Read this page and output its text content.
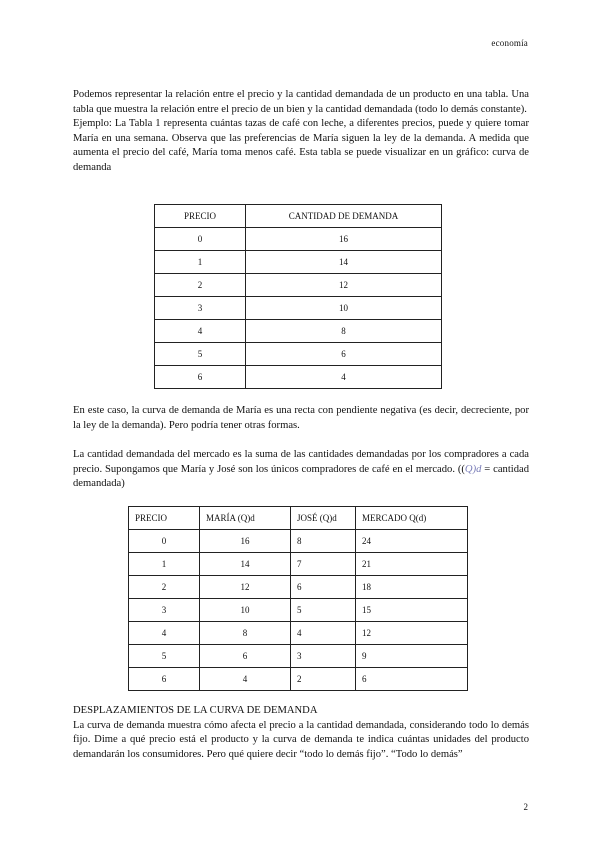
economía

Podemos representar la relación entre el precio y la cantidad demandada de un producto en una tabla. Una tabla que muestra la relación entre el precio de un bien y la cantidad demandada (todo lo demás constante).

Ejemplo: La Tabla 1 representa cuántas tazas de café con leche, a diferentes precios, puede y quiere tomar María en una semana. Observa que las preferencias de María siguen la ley de la demanda. A medida que aumenta el precio del café, María toma menos café. Esta tabla se puede visualizar en un gráfico: curva de demanda

PRECIO	CANTIDAD DE DEMANDA
0	16
1	14
2	12
3	10
4	8
5	6
6	4

En este caso, la curva de demanda de María es una recta con pendiente negativa (es decir, decreciente, por la ley de la demanda). Pero podría tener otras formas.

La cantidad demandada del mercado es la suma de las cantidades demandadas por los compradores a cada precio. Supongamos que María y José son los únicos compradores de café en el mercado. ((Q)d = cantidad demandada)

PRECIO	MARÍA (Q)d	JOSÉ (Q)d	MERCADO Q(d)
0	16	8	24
1	14	7	21
2	12	6	18
3	10	5	15
4	8	4	12
5	6	3	9
6	4	2	6

DESPLAZAMIENTOS DE LA CURVA DE DEMANDA

La curva de demanda muestra cómo afecta el precio a la cantidad demandada, considerando todo lo demás fijo. Dime a qué precio está el producto y la curva de demanda te indica cuántas unidades del producto demandarán los consumidores. Pero qué quiere decir “todo lo demás fijo”. “Todo lo demás”

2
